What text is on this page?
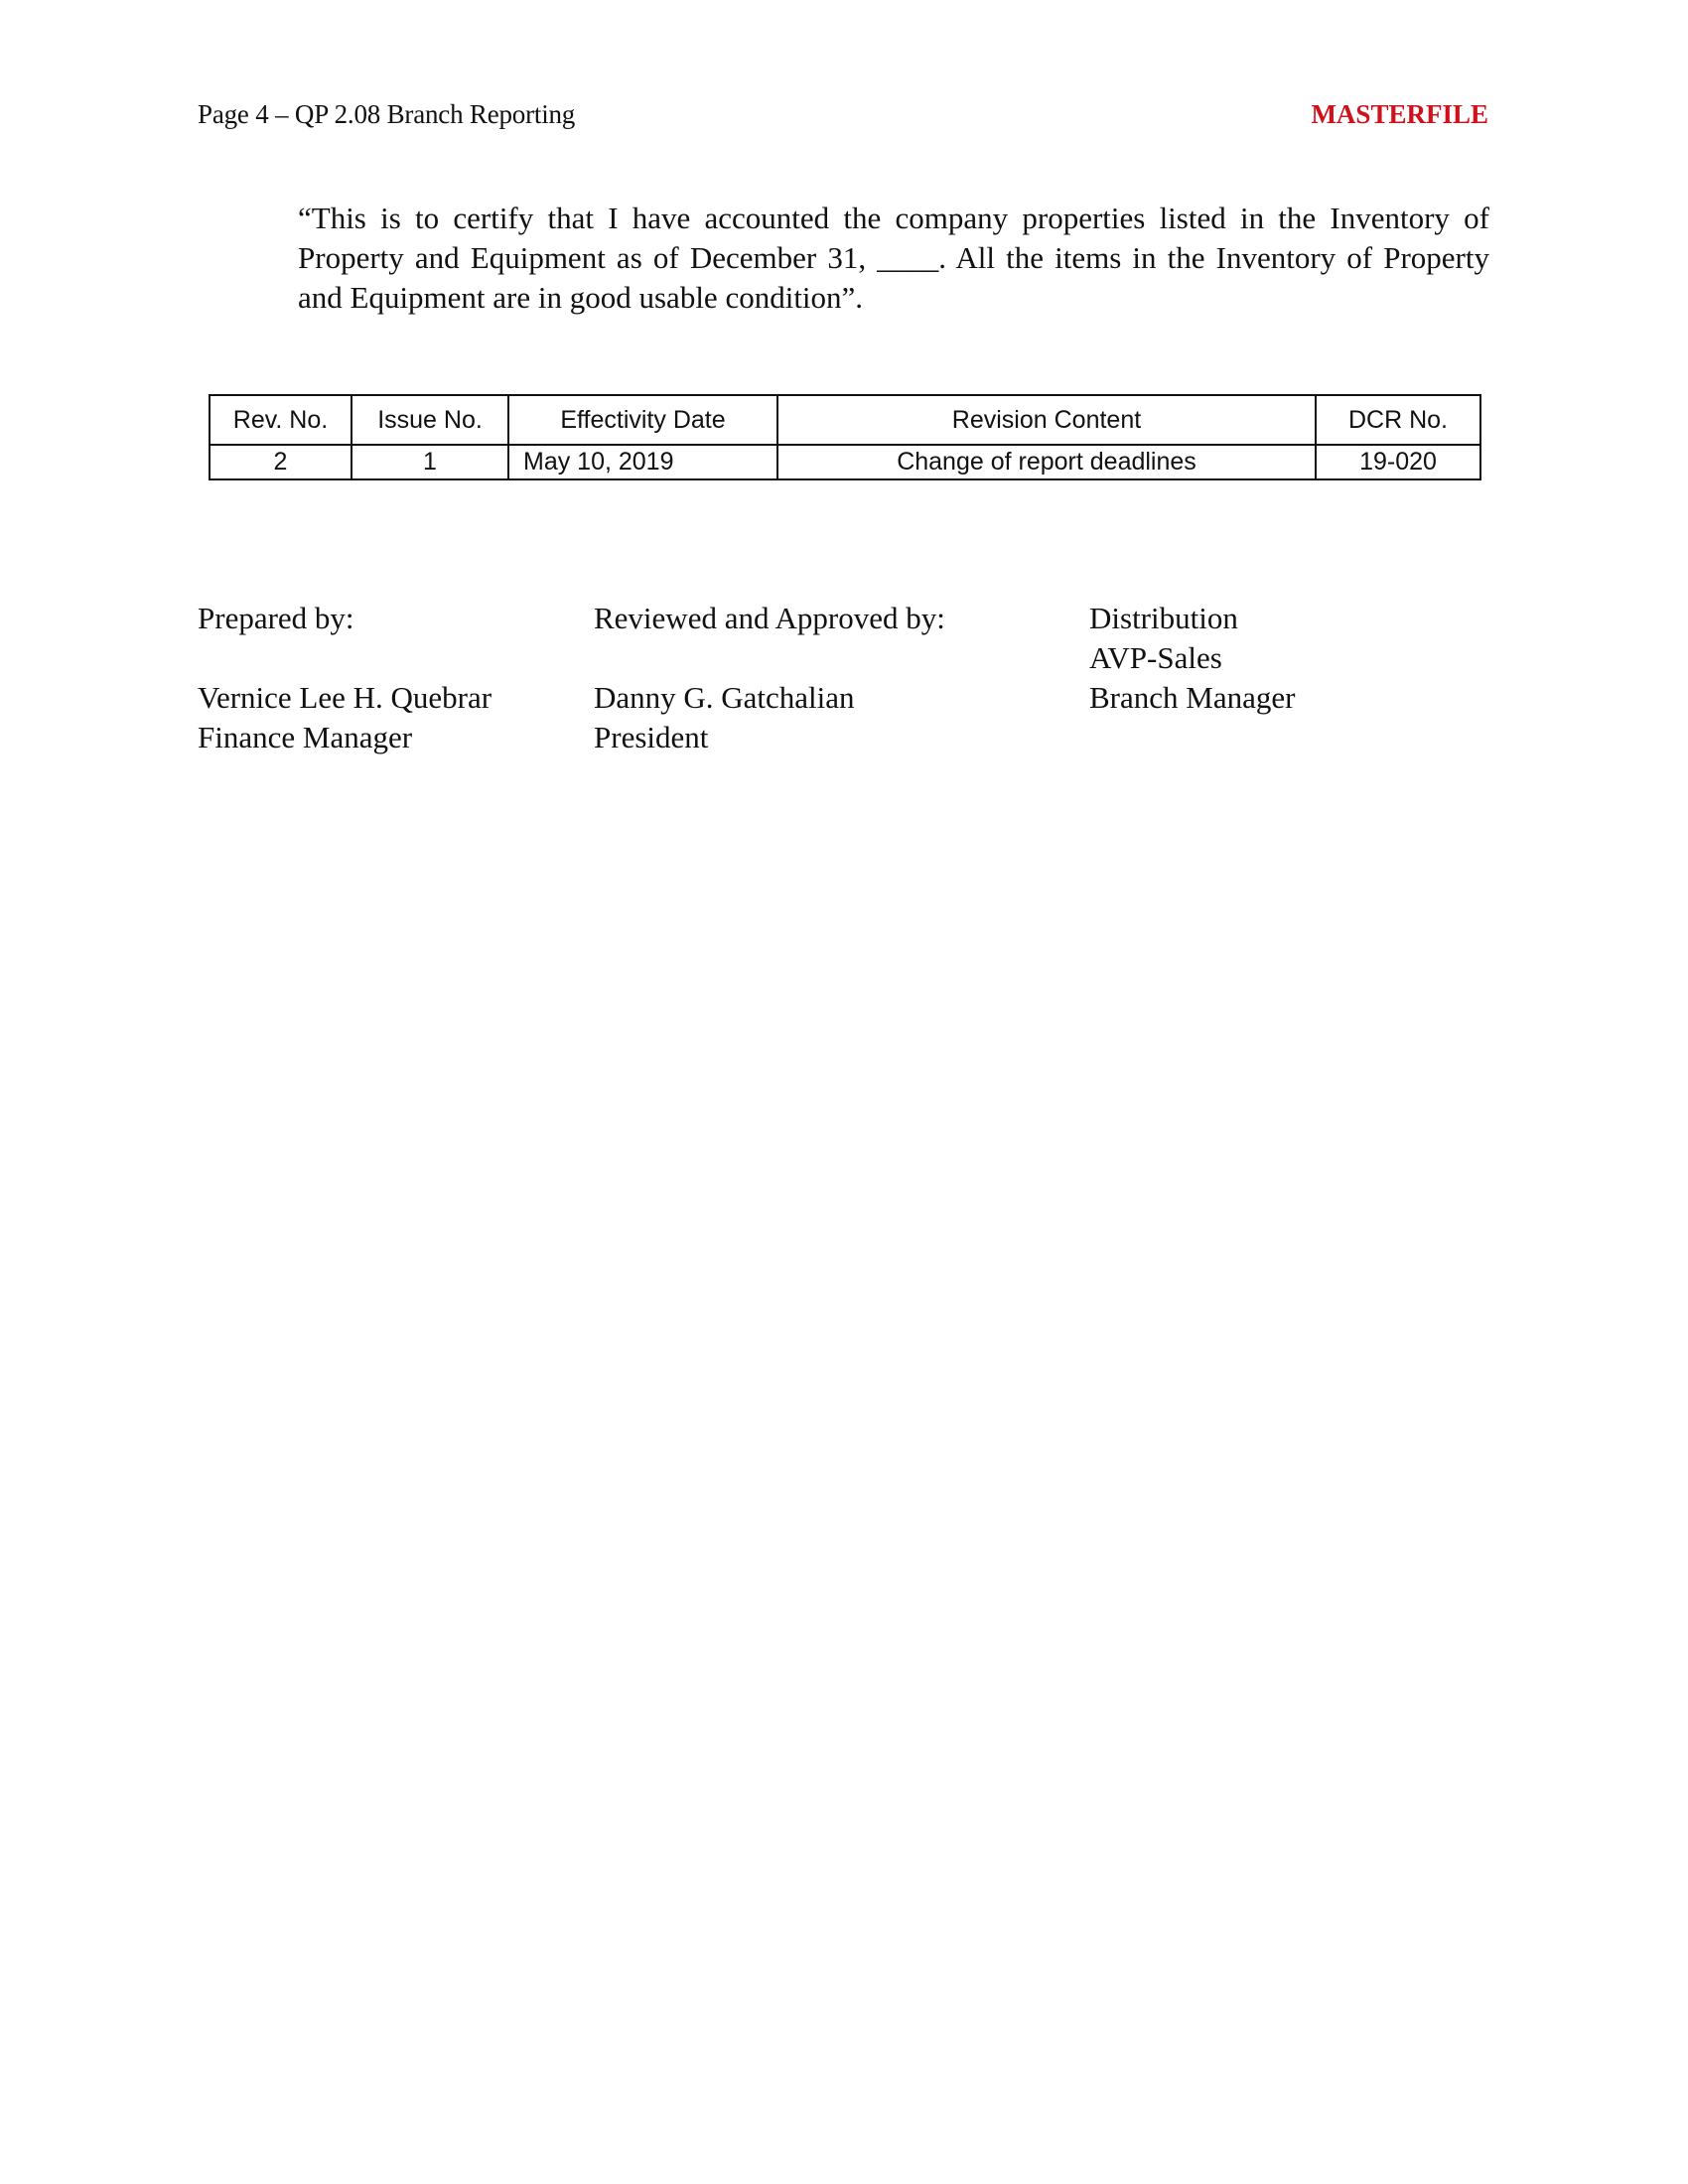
Page 4 – QP 2.08 Branch Reporting	MASTERFILE

“This is to certify that I have accounted the company properties listed in the Inventory of Property and Equipment as of December 31, ____. All the items in the Inventory of Property and Equipment are in good usable condition”.

Rev. No.	Issue No.	Effectivity Date	Revision Content	DCR No.
2	1	May 10, 2019	Change of report deadlines	19-020
Prepared by:
Vernice Lee H. Quebrar
Finance Manager
Reviewed and Approved by:
Danny G. Gatchalian
President
Distribution
AVP-Sales
Branch Manager
